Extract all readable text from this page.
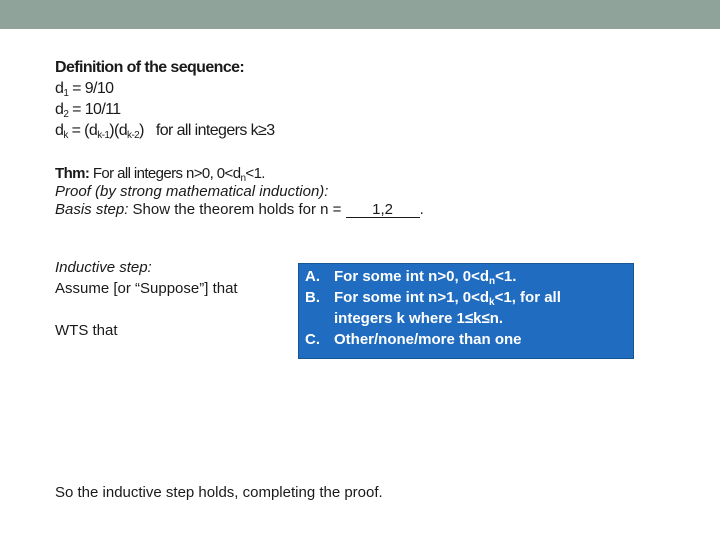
Definition of the sequence:
$d_1 = 9/10$
$d_2 = 10/11$
$d_k = (d_{k-1})(d_{k-2})$ for all integers k≥3
Thm: For all integers n>0, $0<d_n<1$.
Proof (by strong mathematical induction):
Basis step: Show the theorem holds for n = 1,2 .
Inductive step:
Assume [or “Suppose”] that
WTS that
A. For some int n>0, $0<d_n<1$.
B. For some int n>1, $0<d_k<1$, for all
integers k where 1≤k≤n.
C. Other/none/more than one
So the inductive step holds, completing the proof.
